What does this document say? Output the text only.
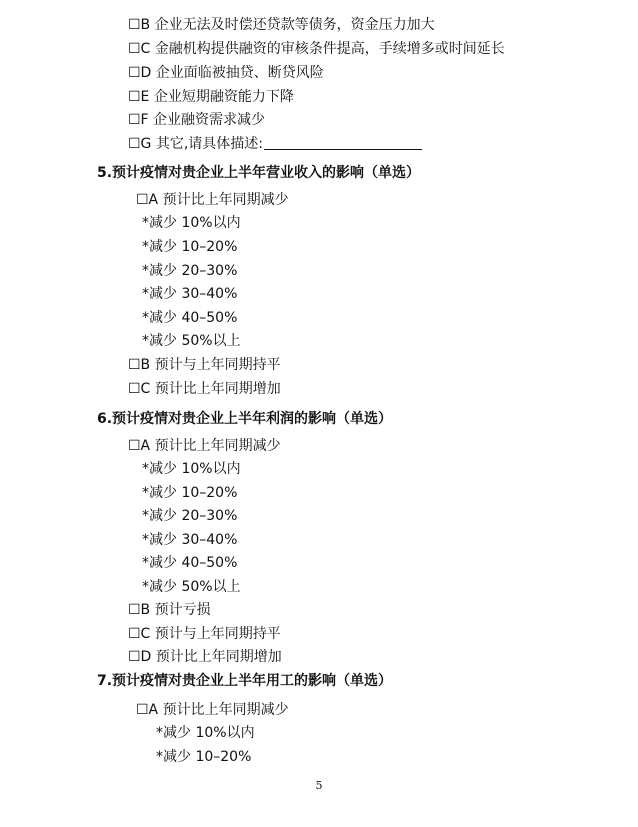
☐B 企业无法及时偿还贷款等债务，资金压力加大
☐C 金融机构提供融资的审核条件提高，手续增多或时间延长
☐D 企业面临被抽贷、断贷风险
☐E 企业短期融资能力下降
☐F 企业融资需求减少
☐G 其它,请具体描述:
5.预计疫情对贵企业上半年营业收入的影响（单选）
☐A 预计比上年同期减少
*减少 10%以内
*减少 10–20%
*减少 20–30%
*减少 30–40%
*减少 40–50%
*减少 50%以上
☐B 预计与上年同期持平
☐C 预计比上年同期增加
6.预计疫情对贵企业上半年利润的影响（单选）
☐A 预计比上年同期减少
*减少 10%以内
*减少 10–20%
*减少 20–30%
*减少 30–40%
*减少 40–50%
*减少 50%以上
☐B 预计亏损
☐C 预计与上年同期持平
☐D 预计比上年同期增加
7.预计疫情对贵企业上半年用工的影响（单选）
☐A 预计比上年同期减少
*减少 10%以内
*减少 10–20%
5
